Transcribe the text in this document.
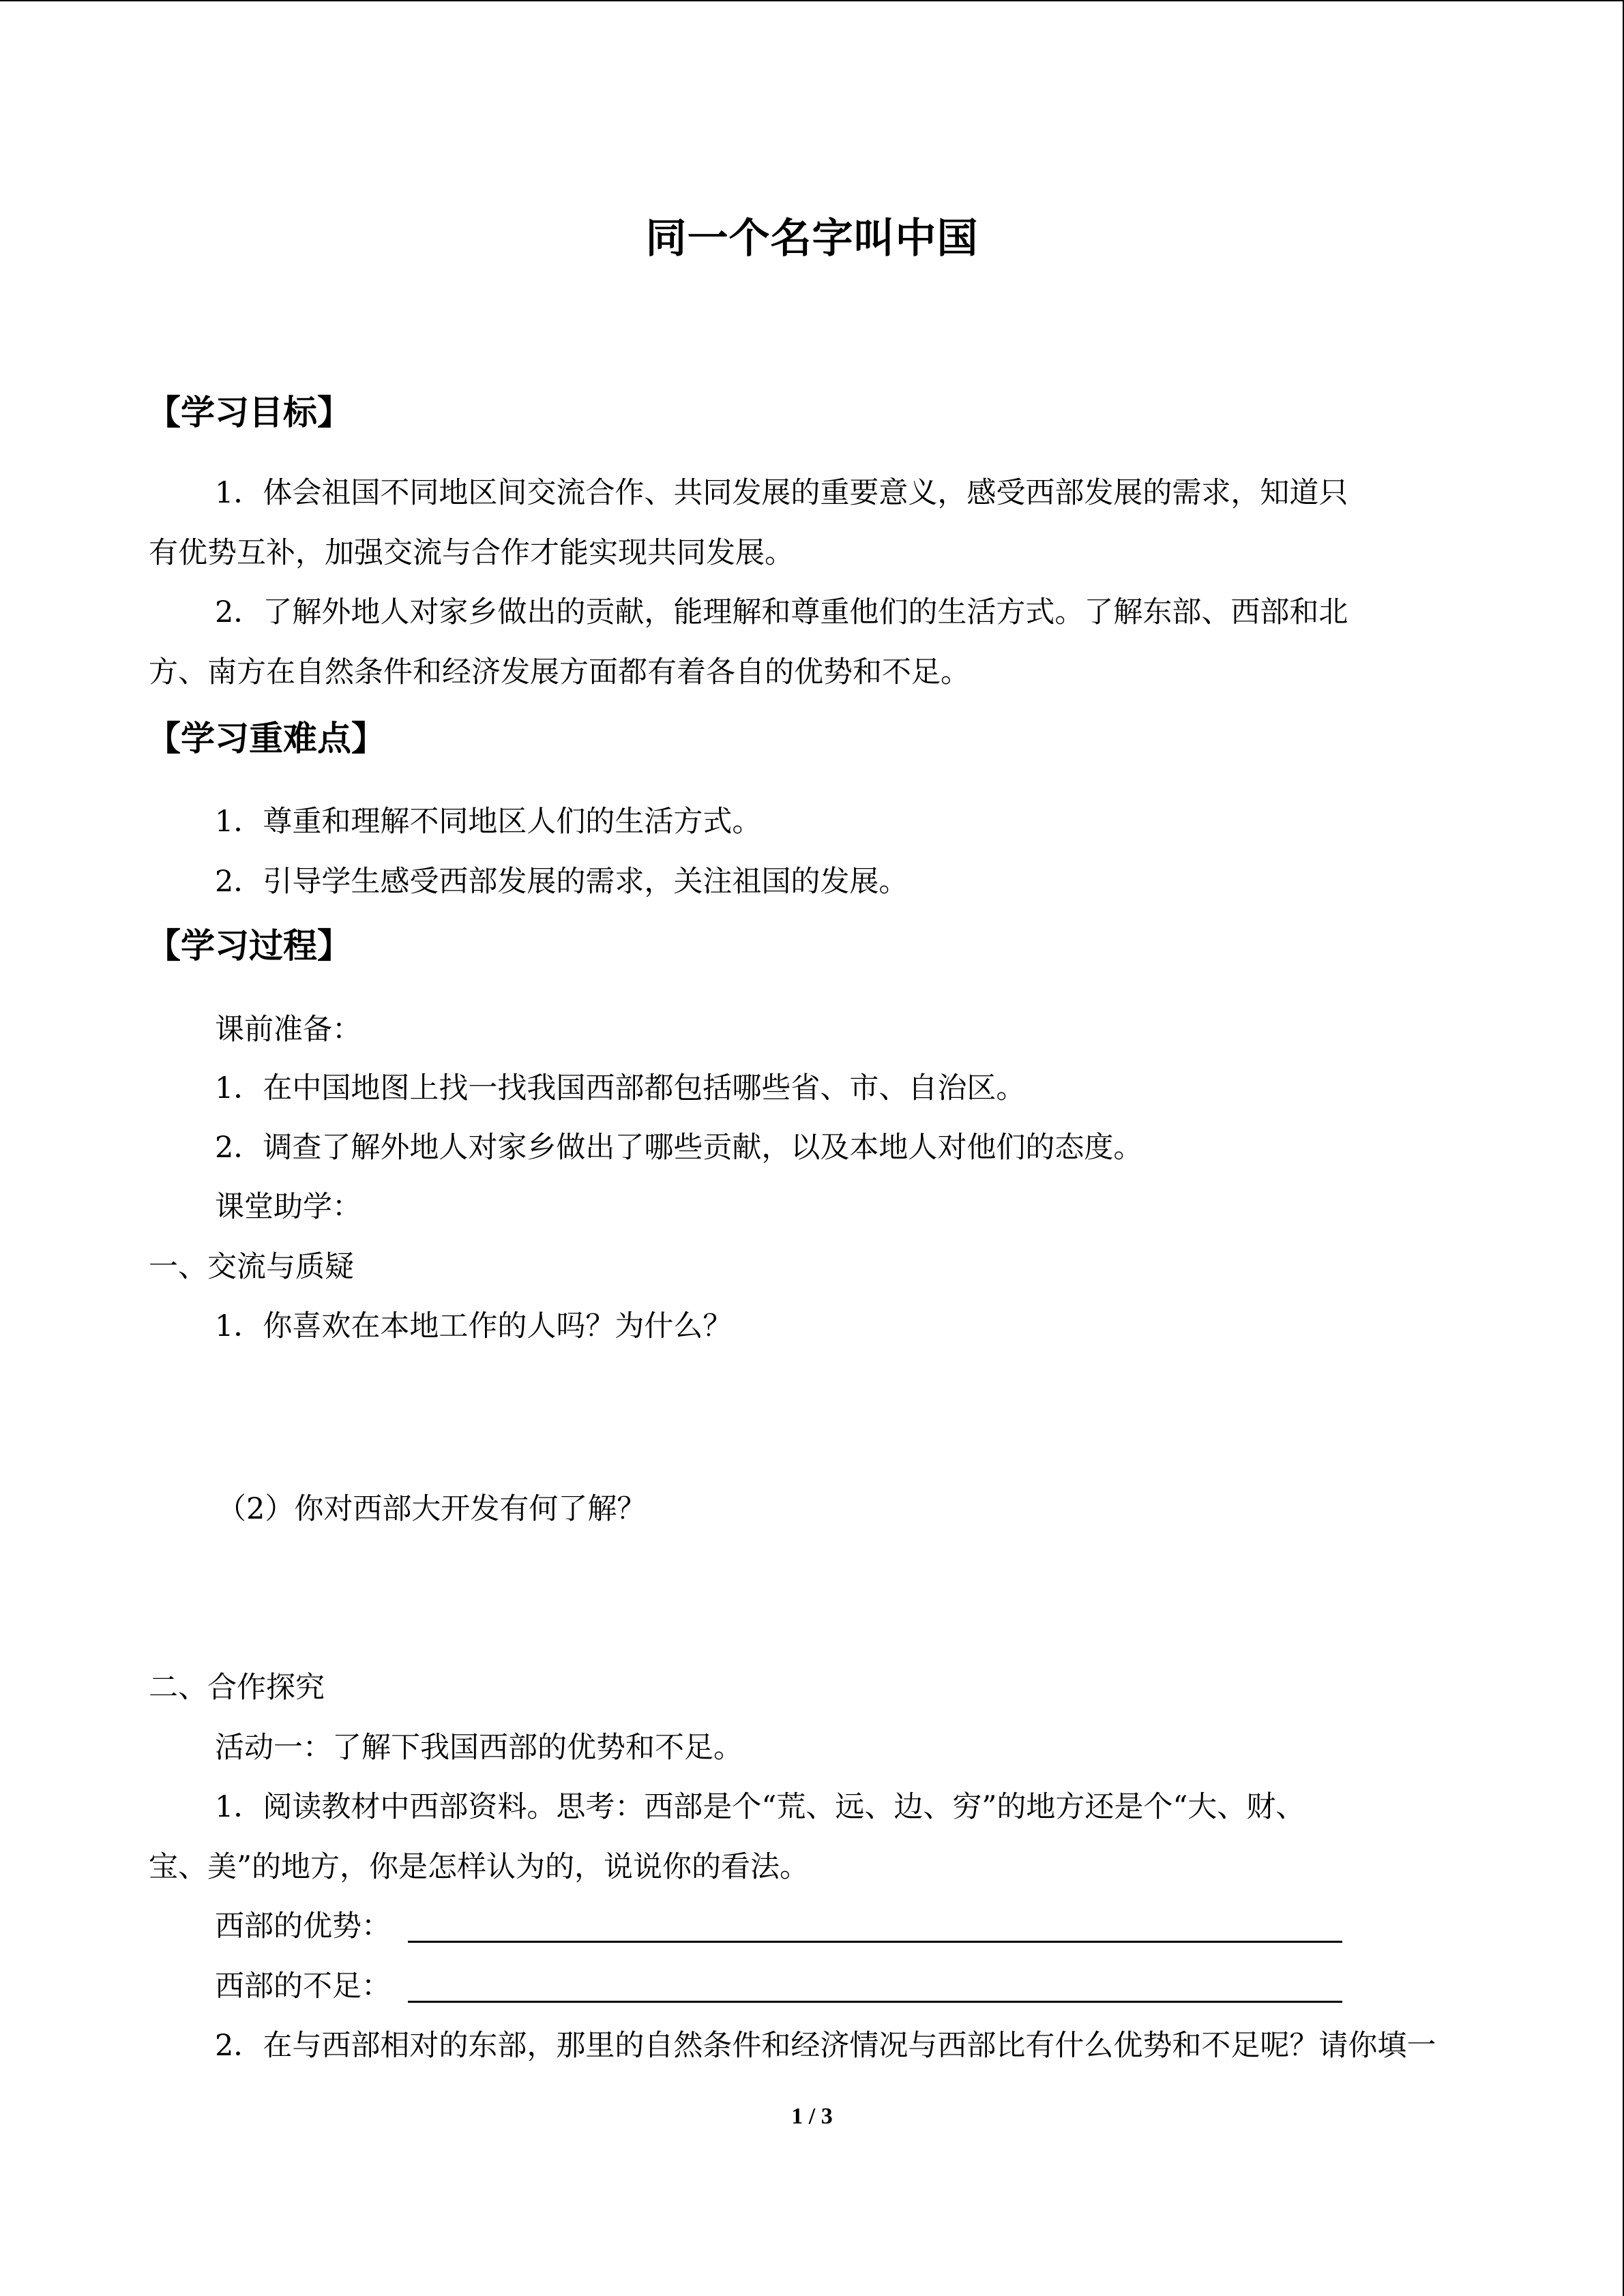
同一个名字叫中国
【学习目标】
1．体会祖国不同地区间交流合作、共同发展的重要意义，感受西部发展的需求，知道只
有优势互补，加强交流与合作才能实现共同发展。
2．了解外地人对家乡做出的贡献，能理解和尊重他们的生活方式。了解东部、西部和北
方、南方在自然条件和经济发展方面都有着各自的优势和不足。
【学习重难点】
1．尊重和理解不同地区人们的生活方式。
2．引导学生感受西部发展的需求，关注祖国的发展。
【学习过程】
课前准备：
1．在中国地图上找一找我国西部都包括哪些省、市、自治区。
2．调查了解外地人对家乡做出了哪些贡献，以及本地人对他们的态度。
课堂助学：
一、交流与质疑
1．你喜欢在本地工作的人吗？为什么？
（2）你对西部大开发有何了解？
二、合作探究
活动一：了解下我国西部的优势和不足。
1．阅读教材中西部资料。思考：西部是个“荒、远、边、穷”的地方还是个“大、财、
宝、美”的地方，你是怎样认为的，说说你的看法。
西部的优势：
西部的不足：
2．在与西部相对的东部，那里的自然条件和经济情况与西部比有什么优势和不足呢？请你填一
1 / 3
